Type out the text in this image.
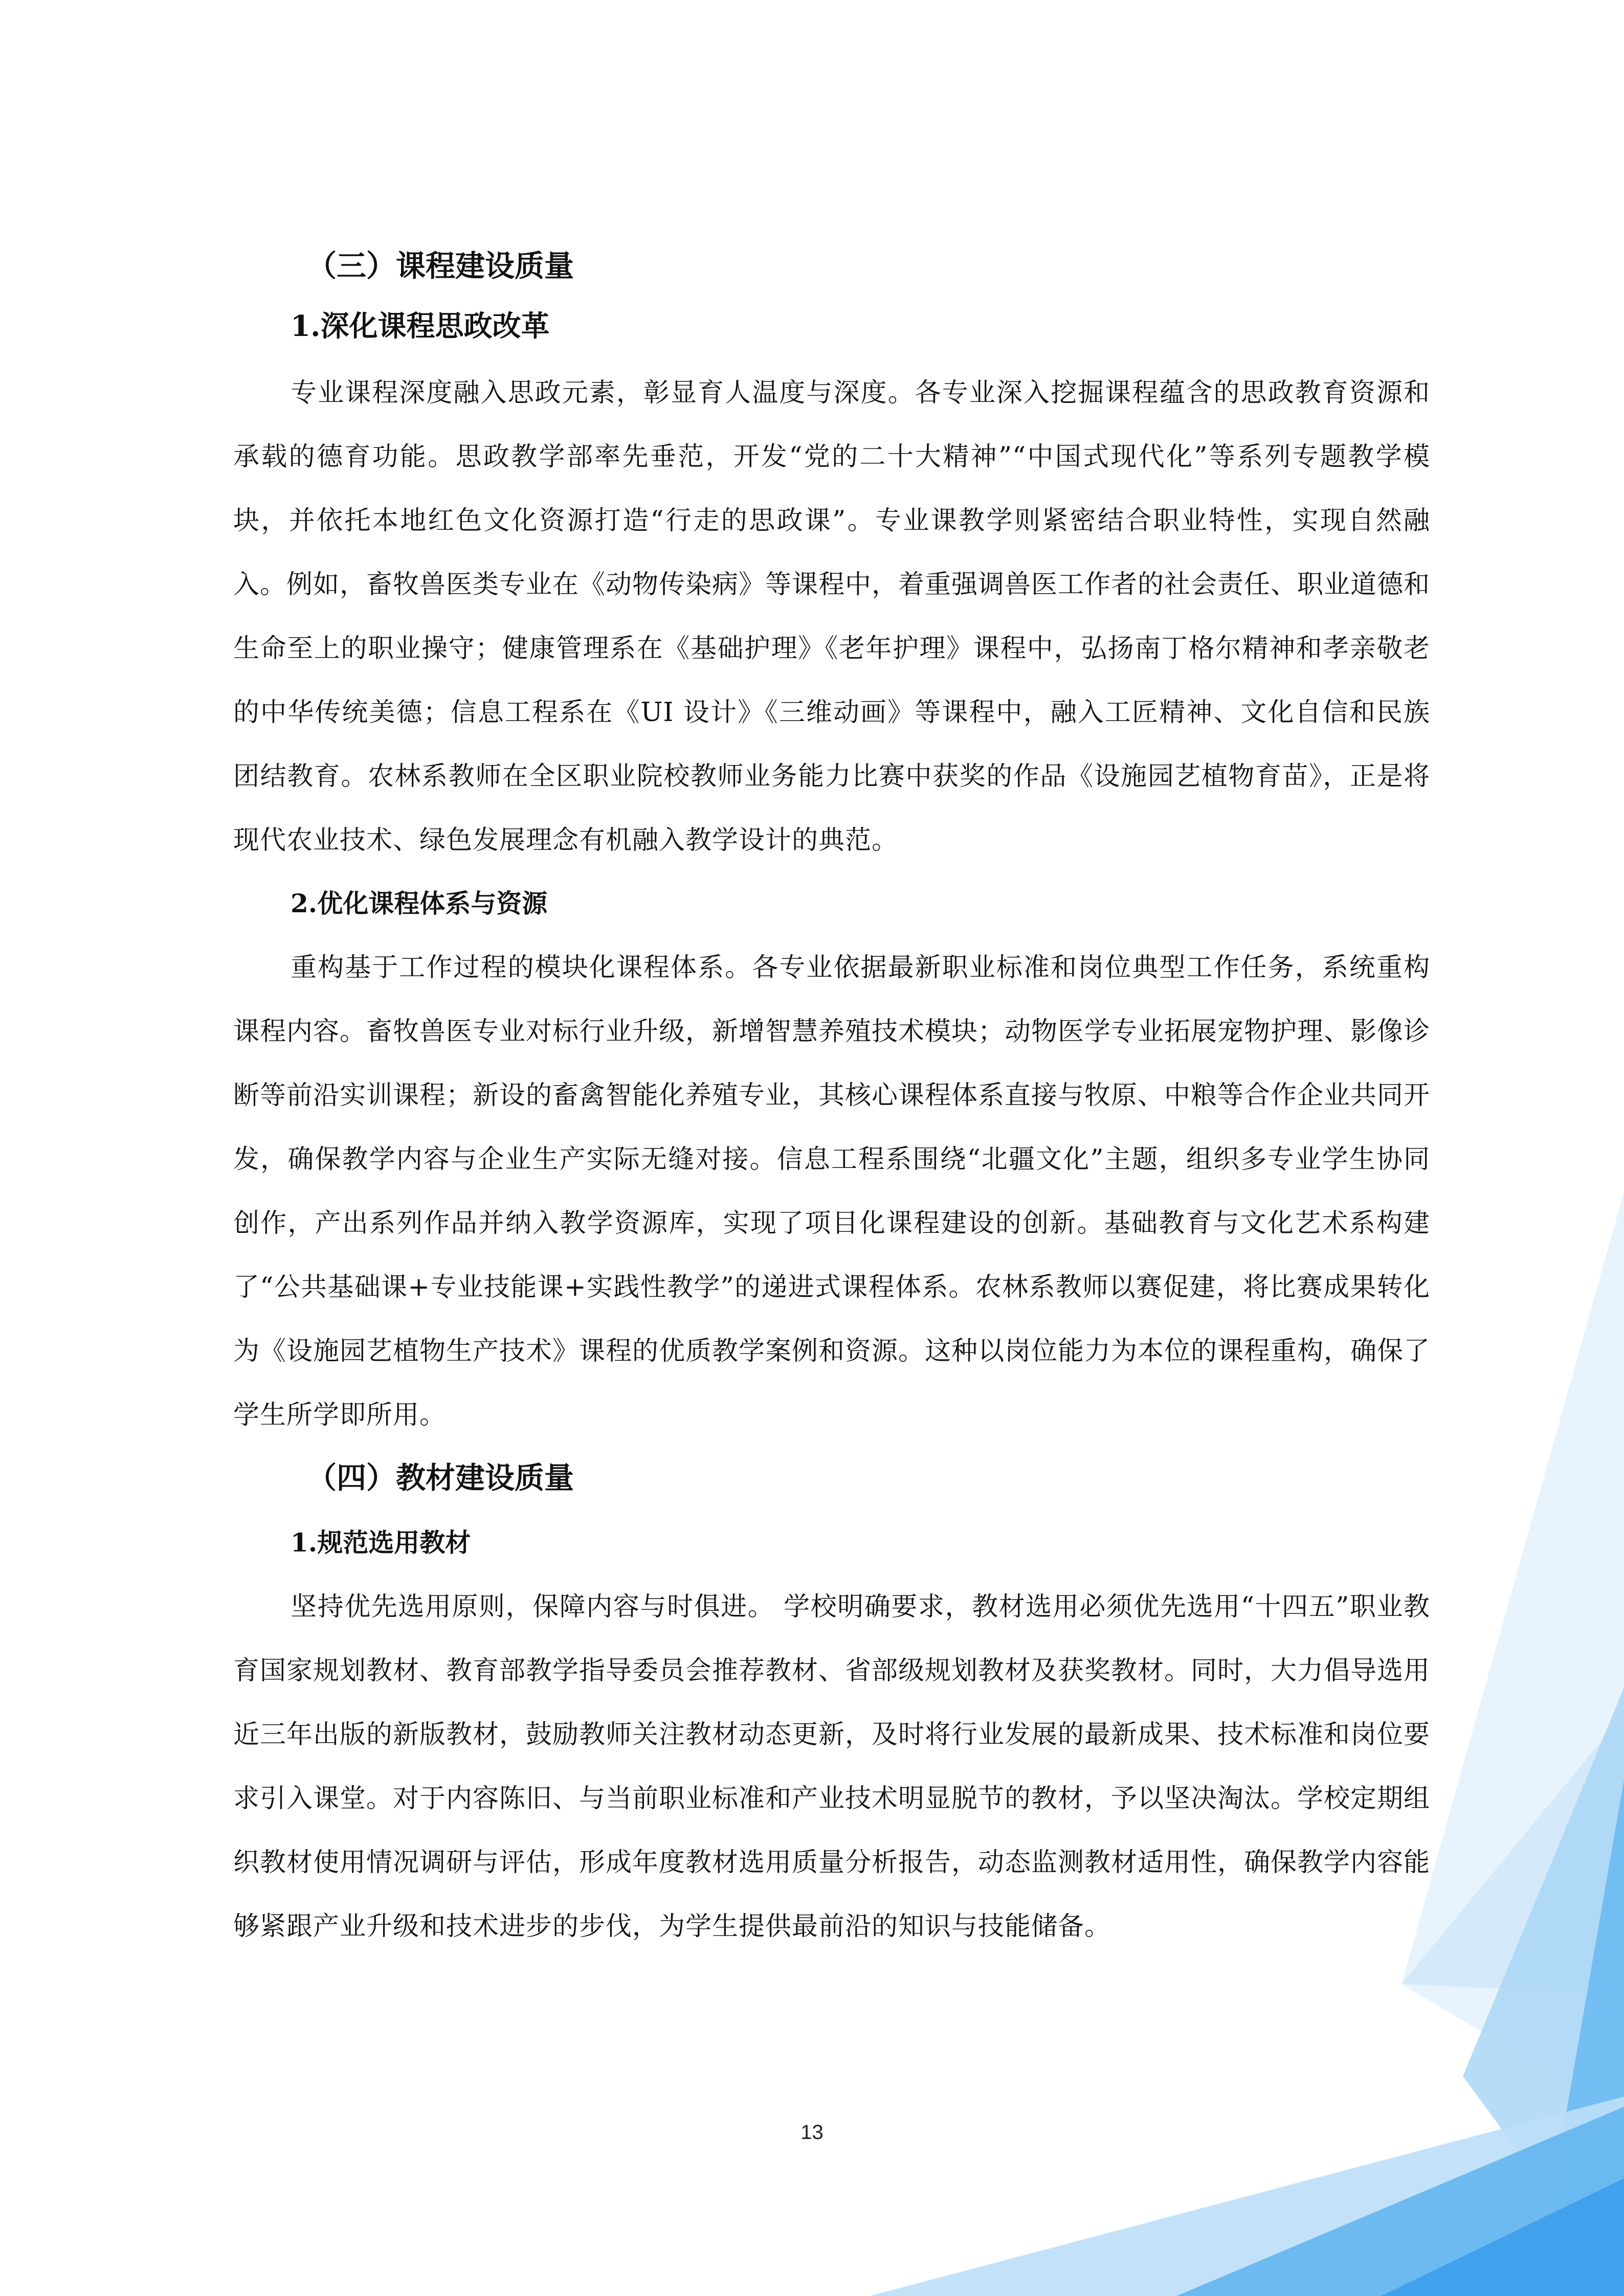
（三）课程建设质量
1.深化课程思政改革

专业课程深度融入思政元素，彰显育人温度与深度。各专业深入挖掘课程蕴含的思政教育资源和承载的德育功能。思政教学部率先垂范，开发“党的二十大精神”“中国式现代化”等系列专题教学模块，并依托本地红色文化资源打造“行走的思政课”。专业课教学则紧密结合职业特性，实现自然融入。例如，畜牧兽医类专业在《动物传染病》等课程中，着重强调兽医工作者的社会责任、职业道德和生命至上的职业操守；健康管理系在《基础护理》《老年护理》课程中，弘扬南丁格尔精神和孝亲敬老的中华传统美德；信息工程系在《UI 设计》《三维动画》等课程中，融入工匠精神、文化自信和民族团结教育。农林系教师在全区职业院校教师业务能力比赛中获奖的作品《设施园艺植物育苗》，正是将现代农业技术、绿色发展理念有机融入教学设计的典范。

2.优化课程体系与资源

重构基于工作过程的模块化课程体系。各专业依据最新职业标准和岗位典型工作任务，系统重构课程内容。畜牧兽医专业对标行业升级，新增智慧养殖技术模块；动物医学专业拓展宠物护理、影像诊断等前沿实训课程；新设的畜禽智能化养殖专业，其核心课程体系直接与牧原、中粮等合作企业共同开发，确保教学内容与企业生产实际无缝对接。信息工程系围绕“北疆文化”主题，组织多专业学生协同创作，产出系列作品并纳入教学资源库，实现了项目化课程建设的创新。基础教育与文化艺术系构建了“公共基础课+专业技能课+实践性教学”的递进式课程体系。农林系教师以赛促建，将比赛成果转化为《设施园艺植物生产技术》课程的优质教学案例和资源。这种以岗位能力为本位的课程重构，确保了学生所学即所用。

（四）教材建设质量
1.规范选用教材

坚持优先选用原则，保障内容与时俱进。 学校明确要求，教材选用必须优先选用“十四五”职业教育国家规划教材、教育部教学指导委员会推荐教材、省部级规划教材及获奖教材。同时，大力倡导选用近三年出版的新版教材，鼓励教师关注教材动态更新，及时将行业发展的最新成果、技术标准和岗位要求引入课堂。对于内容陈旧、与当前职业标准和产业技术明显脱节的教材，予以坚决淘汰。学校定期组织教材使用情况调研与评估，形成年度教材选用质量分析报告，动态监测教材适用性，确保教学内容能够紧跟产业升级和技术进步的步伐，为学生提供最前沿的知识与技能储备。

13
